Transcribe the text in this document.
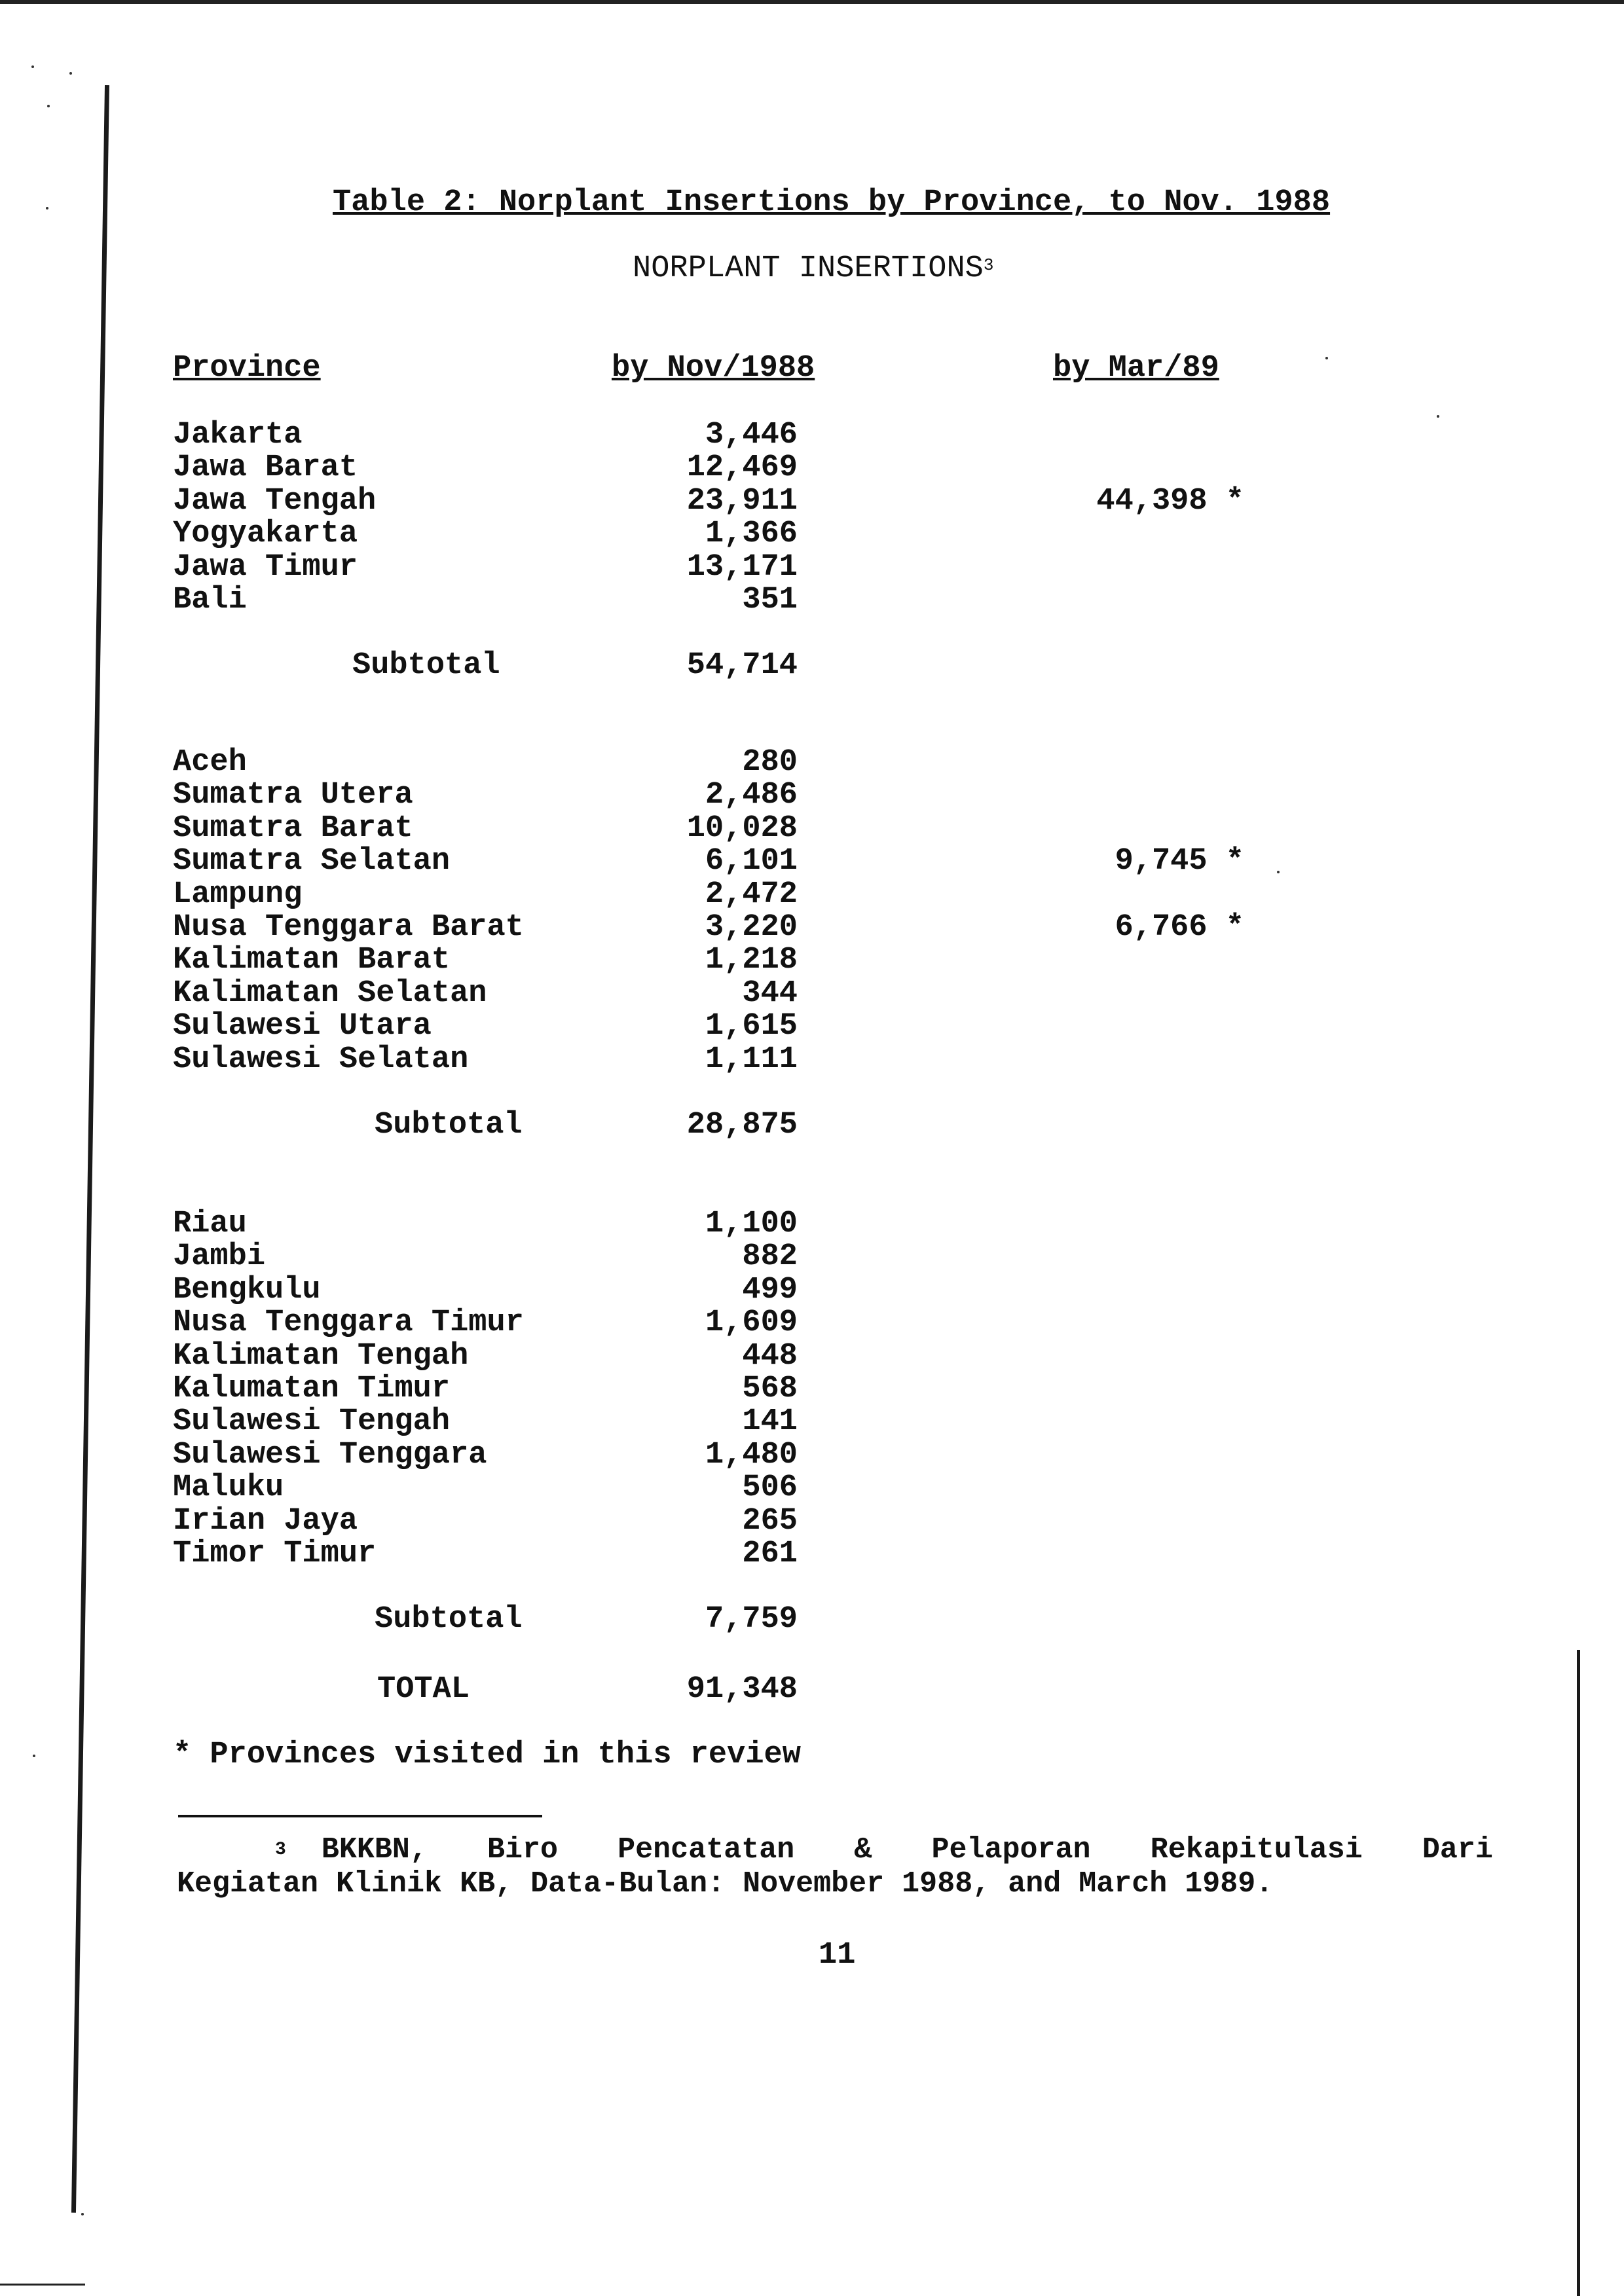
Table 2: Norplant Insertions by Province, to Nov. 1988
NORPLANT INSERTIONS$^3$
Province	by Nov/1988	by Mar/89
Jakarta	3,446
Jawa Barat	12,469
Jawa Tengah	23,911	44,398 *
Yogyakarta	1,366
Jawa Timur	13,171
Bali	351
Subtotal	54,714
Aceh	280
Sumatra Utera	2,486
Sumatra Barat	10,028
Sumatra Selatan	6,101	9,745 *
Lampung	2,472
Nusa Tenggara Barat	3,220	6,766 *
Kalimatan Barat	1,218
Kalimatan Selatan	344
Sulawesi Utara	1,615
Sulawesi Selatan	1,111
Subtotal	28,875
Riau	1,100
Jambi	882
Bengkulu	499
Nusa Tenggara Timur	1,609
Kalimatan Tengah	448
Kalumatan Timur	568
Sulawesi Tengah	141
Sulawesi Tenggara	1,480
Maluku	506
Irian Jaya	265
Timor Timur	261
Subtotal	7,759
TOTAL	91,348
* Provinces visited in this review
$^3$ BKKBN, Biro Pencatatan & Pelaporan Rekapitulasi Dari
Kegiatan Klinik KB, Data-Bulan: November 1988, and March 1989.
11
